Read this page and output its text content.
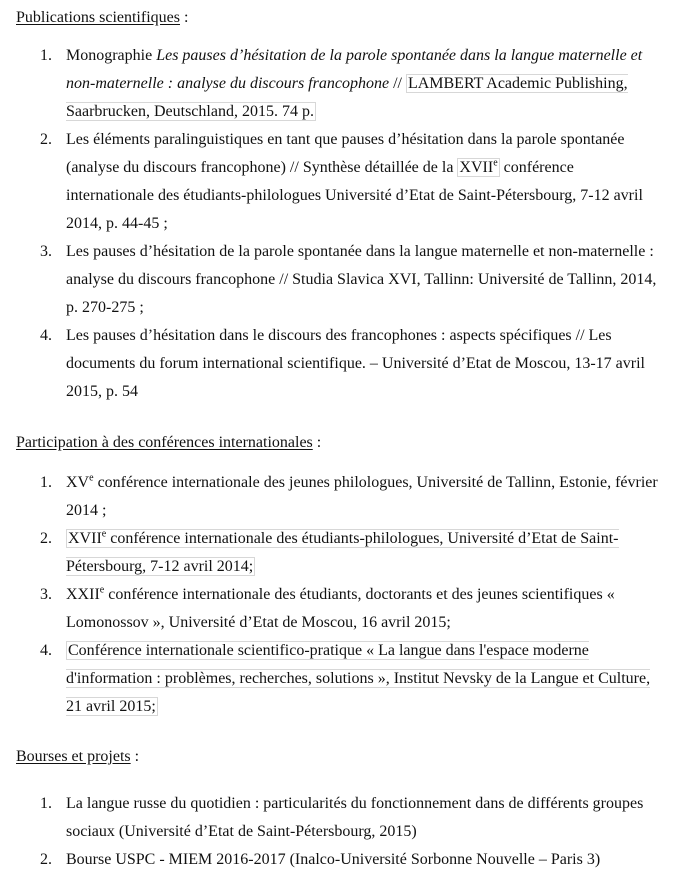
Publications scientifiques :
1. Monographie Les pauses d’hésitation de la parole spontanée dans la langue maternelle et non-maternelle : analyse du discours francophone // LAMBERT Academic Publishing, Saarbrucken, Deutschland, 2015. 74 p.
2. Les éléments paralinguistiques en tant que pauses d’hésitation dans la parole spontanée (analyse du discours francophone) // Synthèse détaillée de la XVIIe conférence internationale des étudiants-philologues Université d’Etat de Saint-Pétersbourg, 7-12 avril 2014, p. 44-45 ;
3. Les pauses d’hésitation de la parole spontanée dans la langue maternelle et non-maternelle : analyse du discours francophone // Studia Slavica XVI, Tallinn: Université de Tallinn, 2014, p. 270-275 ;
4. Les pauses d’hésitation dans le discours des francophones : aspects spécifiques // Les documents du forum international scientifique. – Université d’Etat de Moscou, 13-17 avril 2015, p. 54
Participation à des conférences internationales :
1. XVe conférence internationale des jeunes philologues, Université de Tallinn, Estonie, février 2014 ;
2. XVIIe conférence internationale des étudiants-philologues, Université d’Etat de Saint-Pétersbourg, 7-12 avril 2014;
3. XXIIe conférence internationale des étudiants, doctorants et des jeunes scientifiques « Lomonossov », Université d’Etat de Moscou, 16 avril 2015;
4. Conférence internationale scientifico-pratique « La langue dans l'espace moderne d'information : problèmes, recherches, solutions », Institut Nevsky de la Langue et Culture, 21 avril 2015;
Bourses et projets :
1. La langue russe du quotidien : particularités du fonctionnement dans de différents groupes sociaux (Université d’Etat de Saint-Pétersbourg, 2015)
2. Bourse USPC - MIEM 2016-2017 (Inalco-Université Sorbonne Nouvelle – Paris 3)
